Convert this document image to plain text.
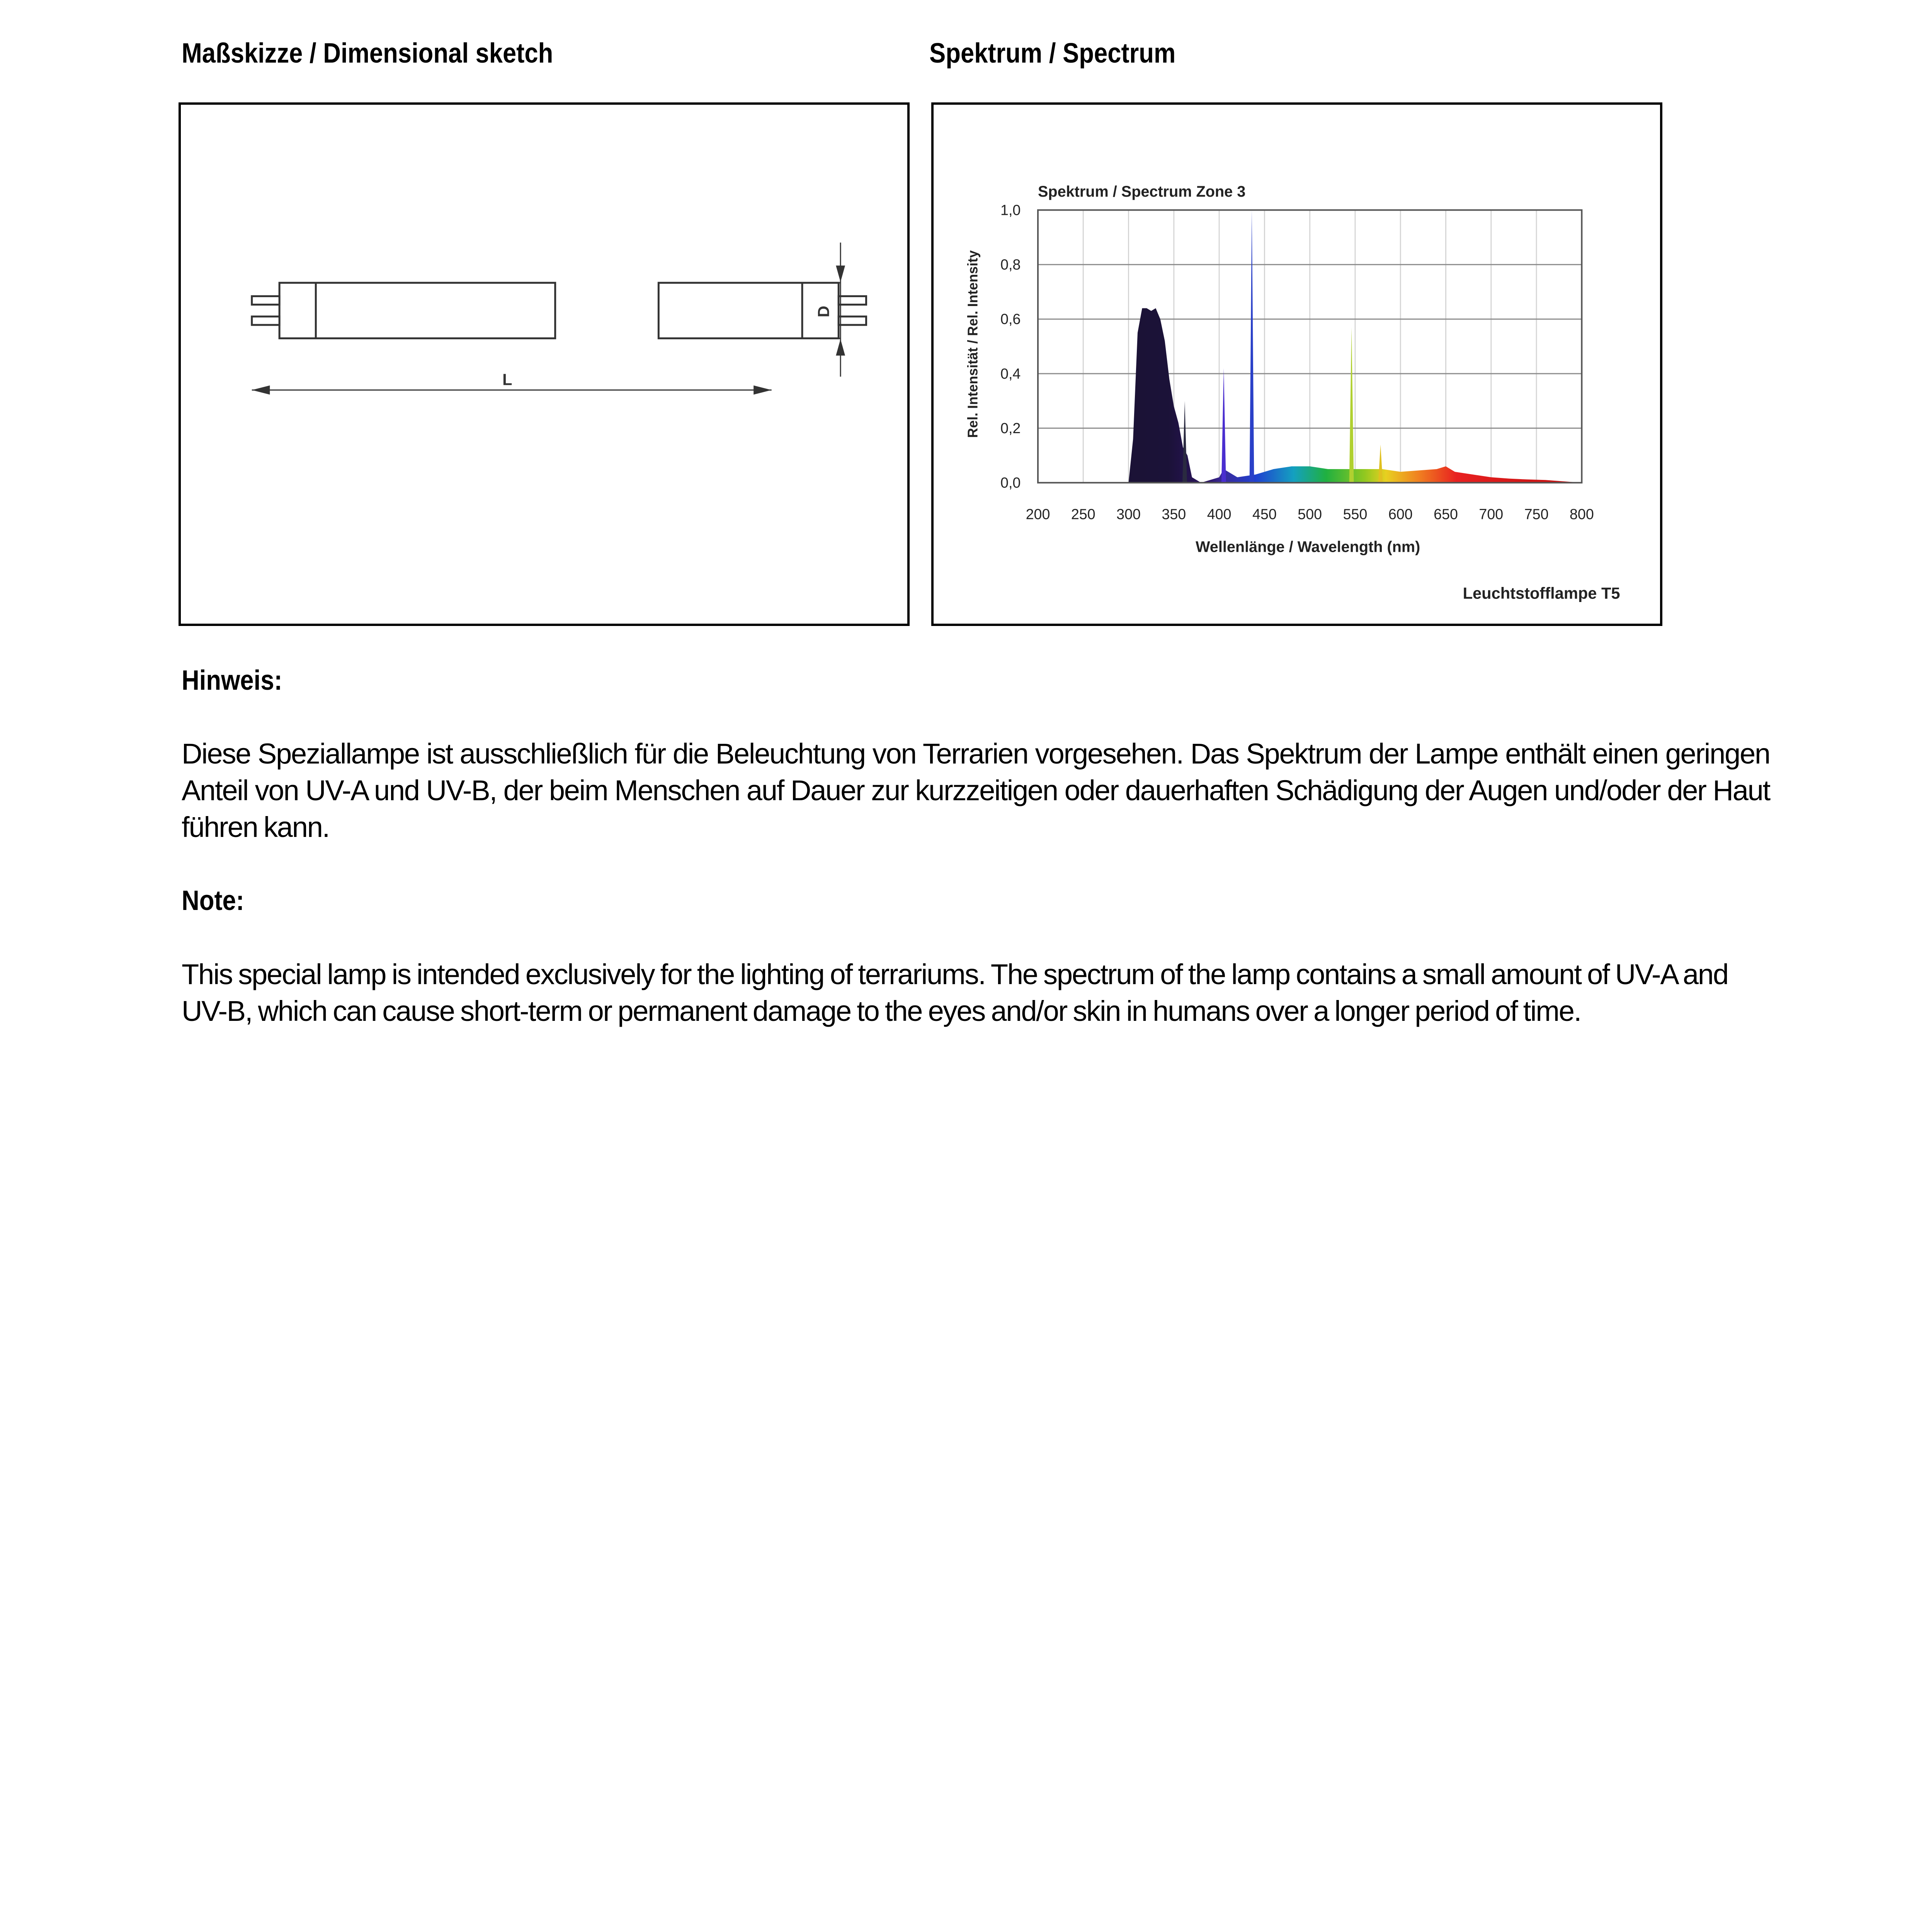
Maßskizze / Dimensional sketch	Spektrum / Spectrum
L
D
200 250 300 350 400 450 500 550 600 650 700 750 800
0,0
0,2
0,4
0,6
0,8
1,0
Spektrum / Spectrum Zone 3
Wellenlänge / Wavelength (nm)
Rel. Intensität / Rel. Intensity
Leuchtstofflampe T5
Hinweis:

Diese Speziallampe ist ausschließlich für die Beleuchtung von Terrarien vorgesehen. Das Spektrum der Lampe enthält einen geringen Anteil von UV-A und UV-B, der beim Menschen auf Dauer zur kurzzeitigen oder dauerhaften Schädigung der Augen und/oder der Haut führen kann.

Note:

This special lamp is intended exclusively for the lighting of terrariums. The spectrum of the lamp contains a small amount of UV-A and UV-B, which can cause short-term or permanent damage to the eyes and/or skin in humans over a longer period of time.
